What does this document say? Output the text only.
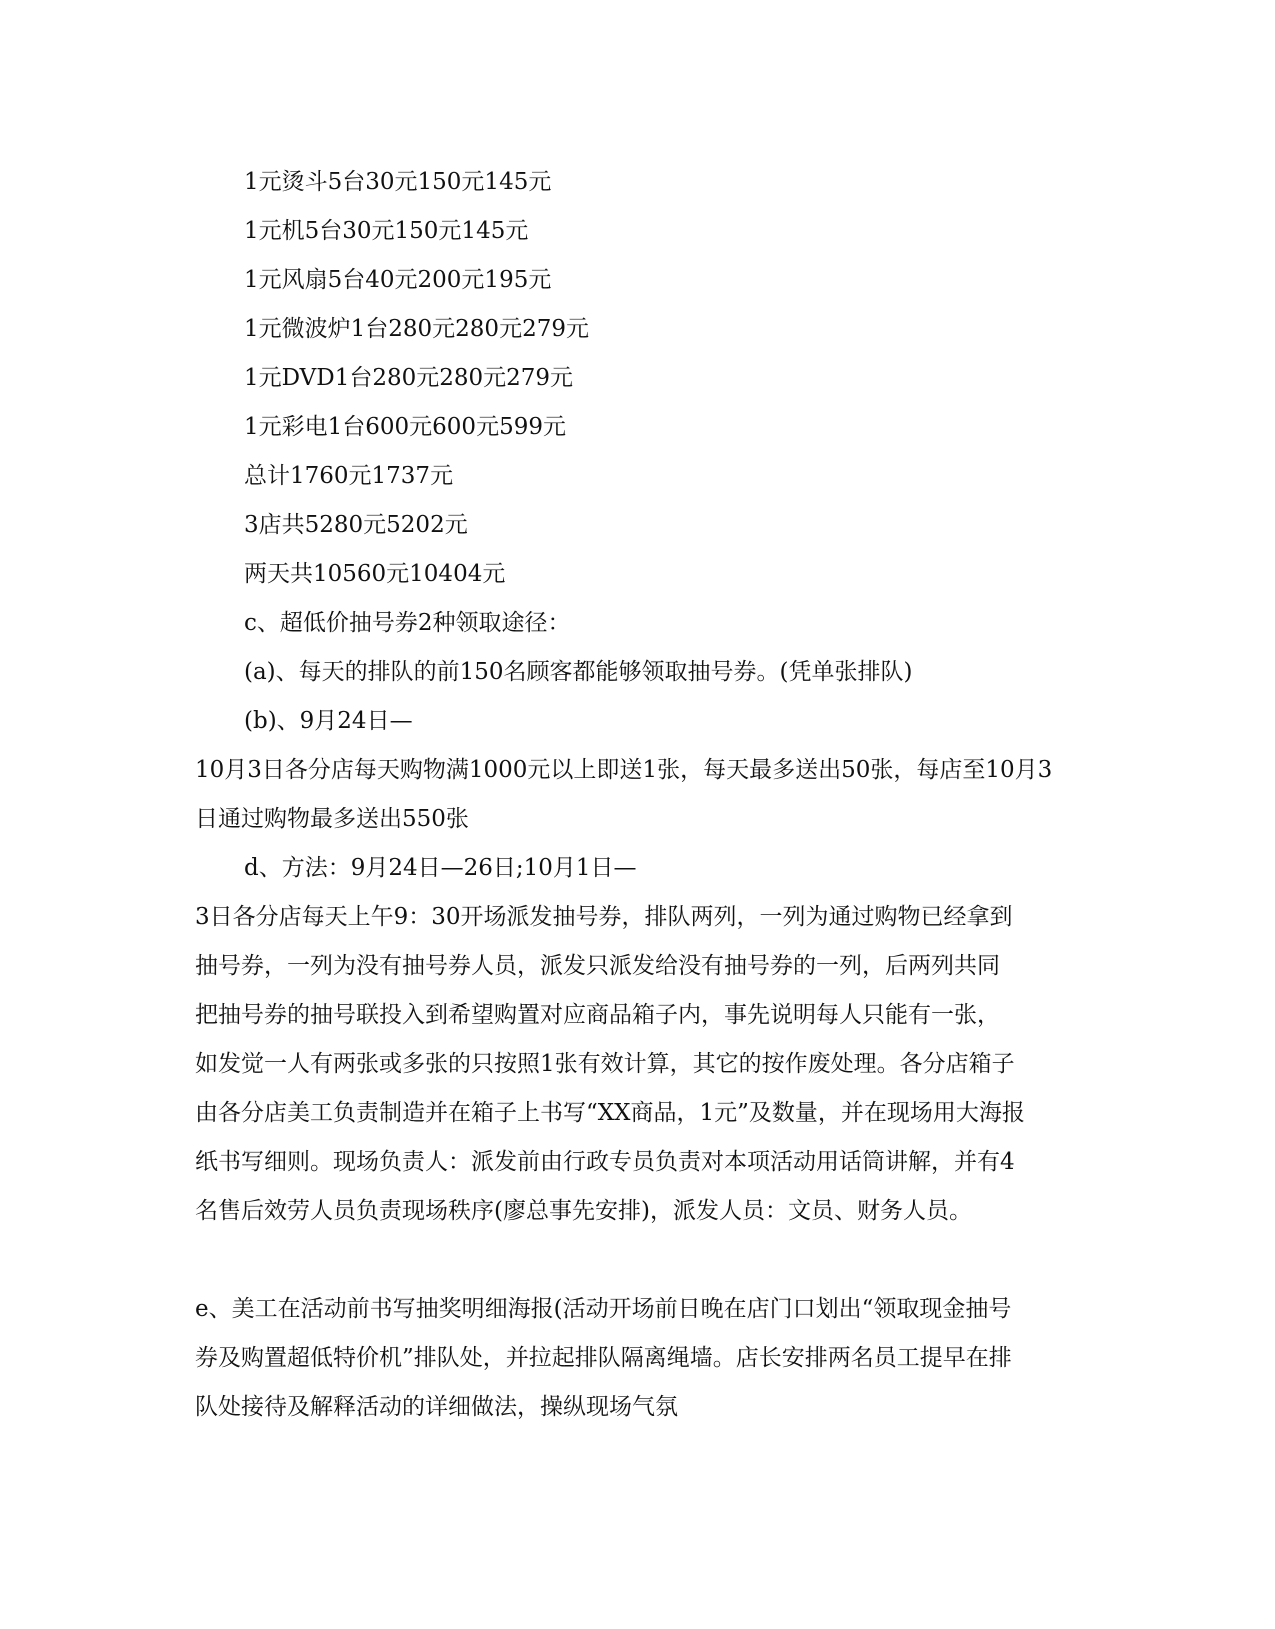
1元烫斗5台30元150元145元
1元机5台30元150元145元
1元风扇5台40元200元195元
1元微波炉1台280元280元279元
1元DVD1台280元280元279元
1元彩电1台600元600元599元
总计1760元1737元
3店共5280元5202元
两天共10560元10404元
c、超低价抽号券2种领取途径：
(a)、每天的排队的前150名顾客都能够领取抽号券。(凭单张排队)
(b)、9月24日—
10月3日各分店每天购物满1000元以上即送1张，每天最多送出50张，每店至10月3
日通过购物最多送出550张
d、方法：9月24日—26日;10月1日—
3日各分店每天上午9：30开场派发抽号券，排队两列，一列为通过购物已经拿到
抽号券，一列为没有抽号券人员，派发只派发给没有抽号券的一列，后两列共同
把抽号券的抽号联投入到希望购置对应商品箱子内，事先说明每人只能有一张，
如发觉一人有两张或多张的只按照1张有效计算，其它的按作废处理。各分店箱子
由各分店美工负责制造并在箱子上书写“XX商品，1元”及数量，并在现场用大海报
纸书写细则。现场负责人：派发前由行政专员负责对本项活动用话筒讲解，并有4
名售后效劳人员负责现场秩序(廖总事先安排)，派发人员：文员、财务人员。
e、美工在活动前书写抽奖明细海报(活动开场前日晚在店门口划出“领取现金抽号
券及购置超低特价机”排队处，并拉起排队隔离绳墙。店长安排两名员工提早在排
队处接待及解释活动的详细做法，操纵现场气氛
